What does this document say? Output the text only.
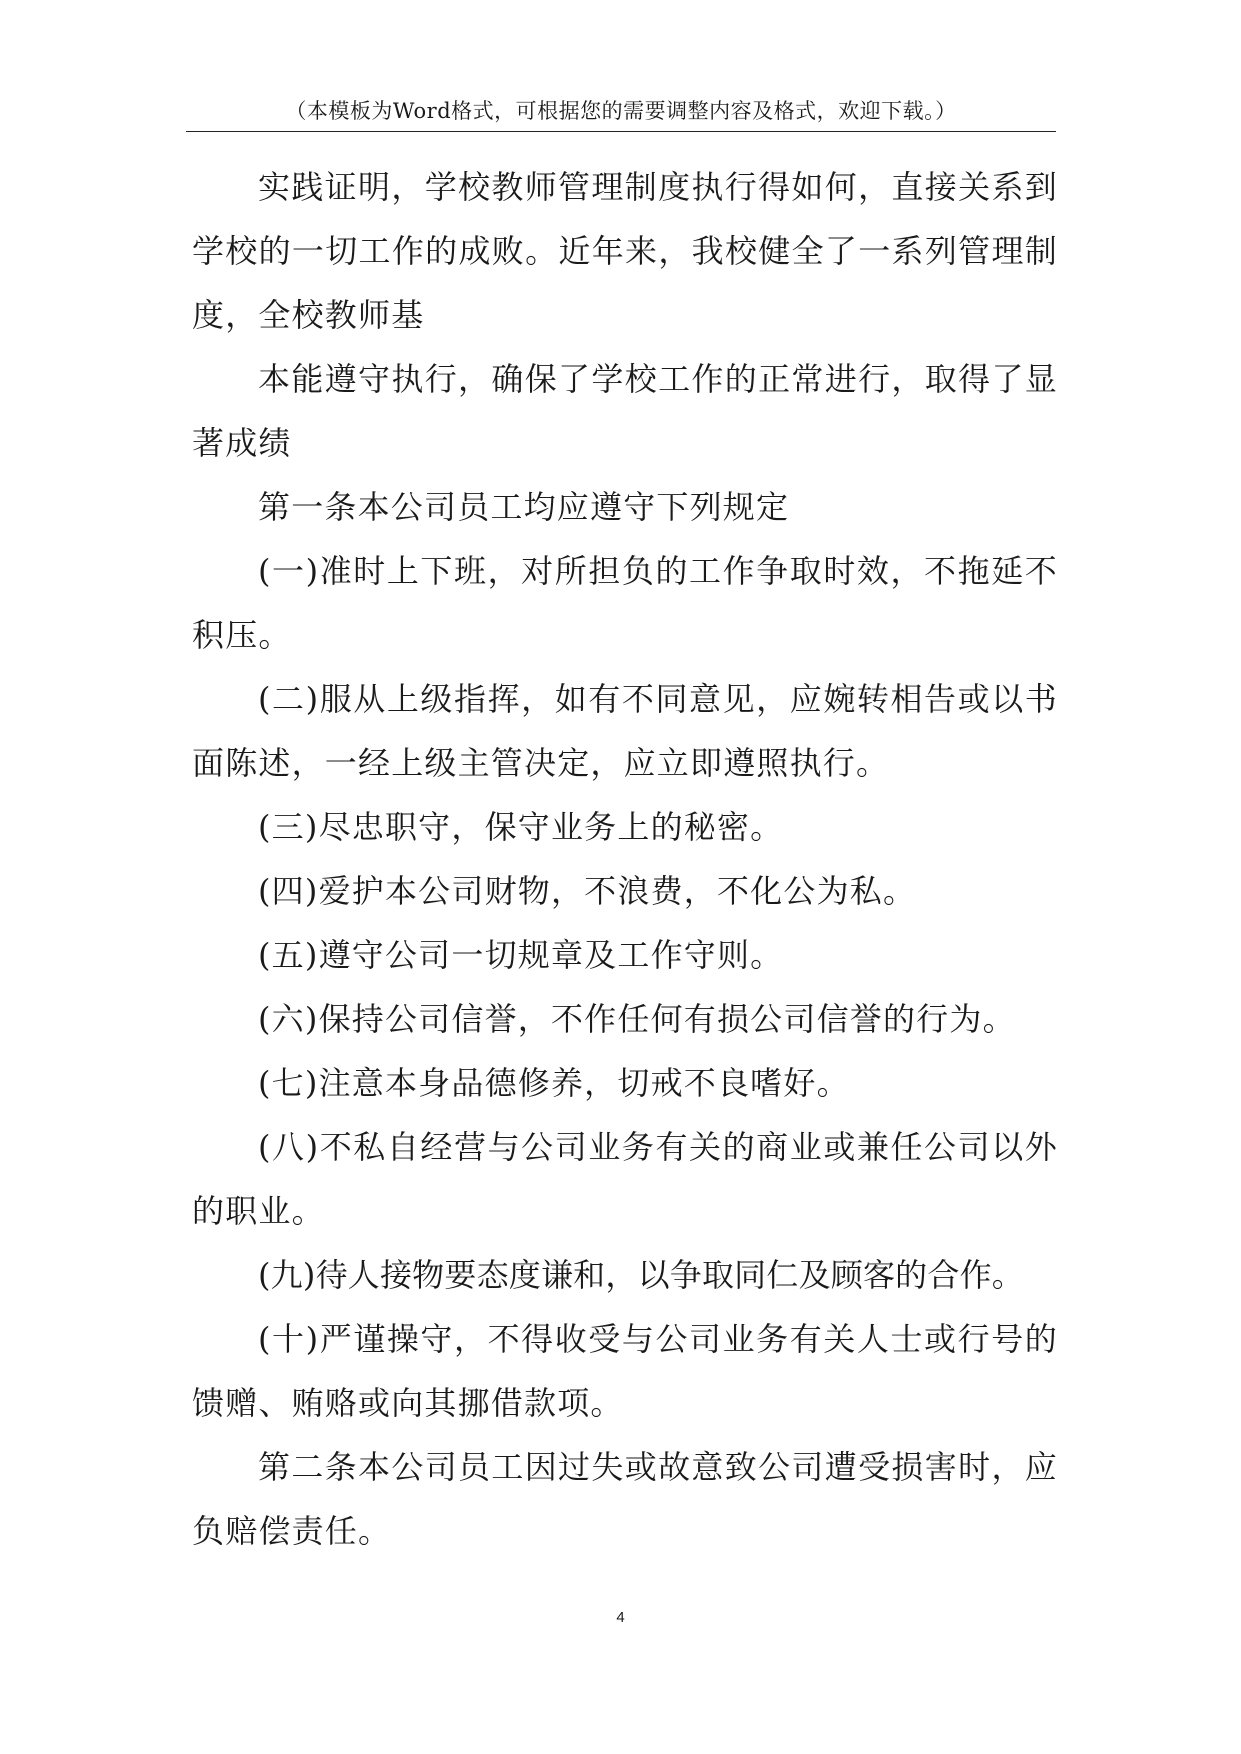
（本模板为Word格式，可根据您的需要调整内容及格式，欢迎下载。）

实践证明，学校教师管理制度执行得如何，直接关系到学校的一切工作的成败。近年来，我校健全了一系列管理制度，全校教师基

本能遵守执行，确保了学校工作的正常进行，取得了显著成绩

第一条本公司员工均应遵守下列规定

(一)准时上下班，对所担负的工作争取时效，不拖延不积压。

(二)服从上级指挥，如有不同意见，应婉转相告或以书面陈述，一经上级主管决定，应立即遵照执行。

(三)尽忠职守，保守业务上的秘密。

(四)爱护本公司财物，不浪费，不化公为私。

(五)遵守公司一切规章及工作守则。

(六)保持公司信誉，不作任何有损公司信誉的行为。

(七)注意本身品德修养，切戒不良嗜好。

(八)不私自经营与公司业务有关的商业或兼任公司以外的职业。

(九)待人接物要态度谦和，以争取同仁及顾客的合作。

(十)严谨操守，不得收受与公司业务有关人士或行号的馈赠、贿赂或向其挪借款项。

第二条本公司员工因过失或故意致公司遭受损害时，应负赔偿责任。

4
